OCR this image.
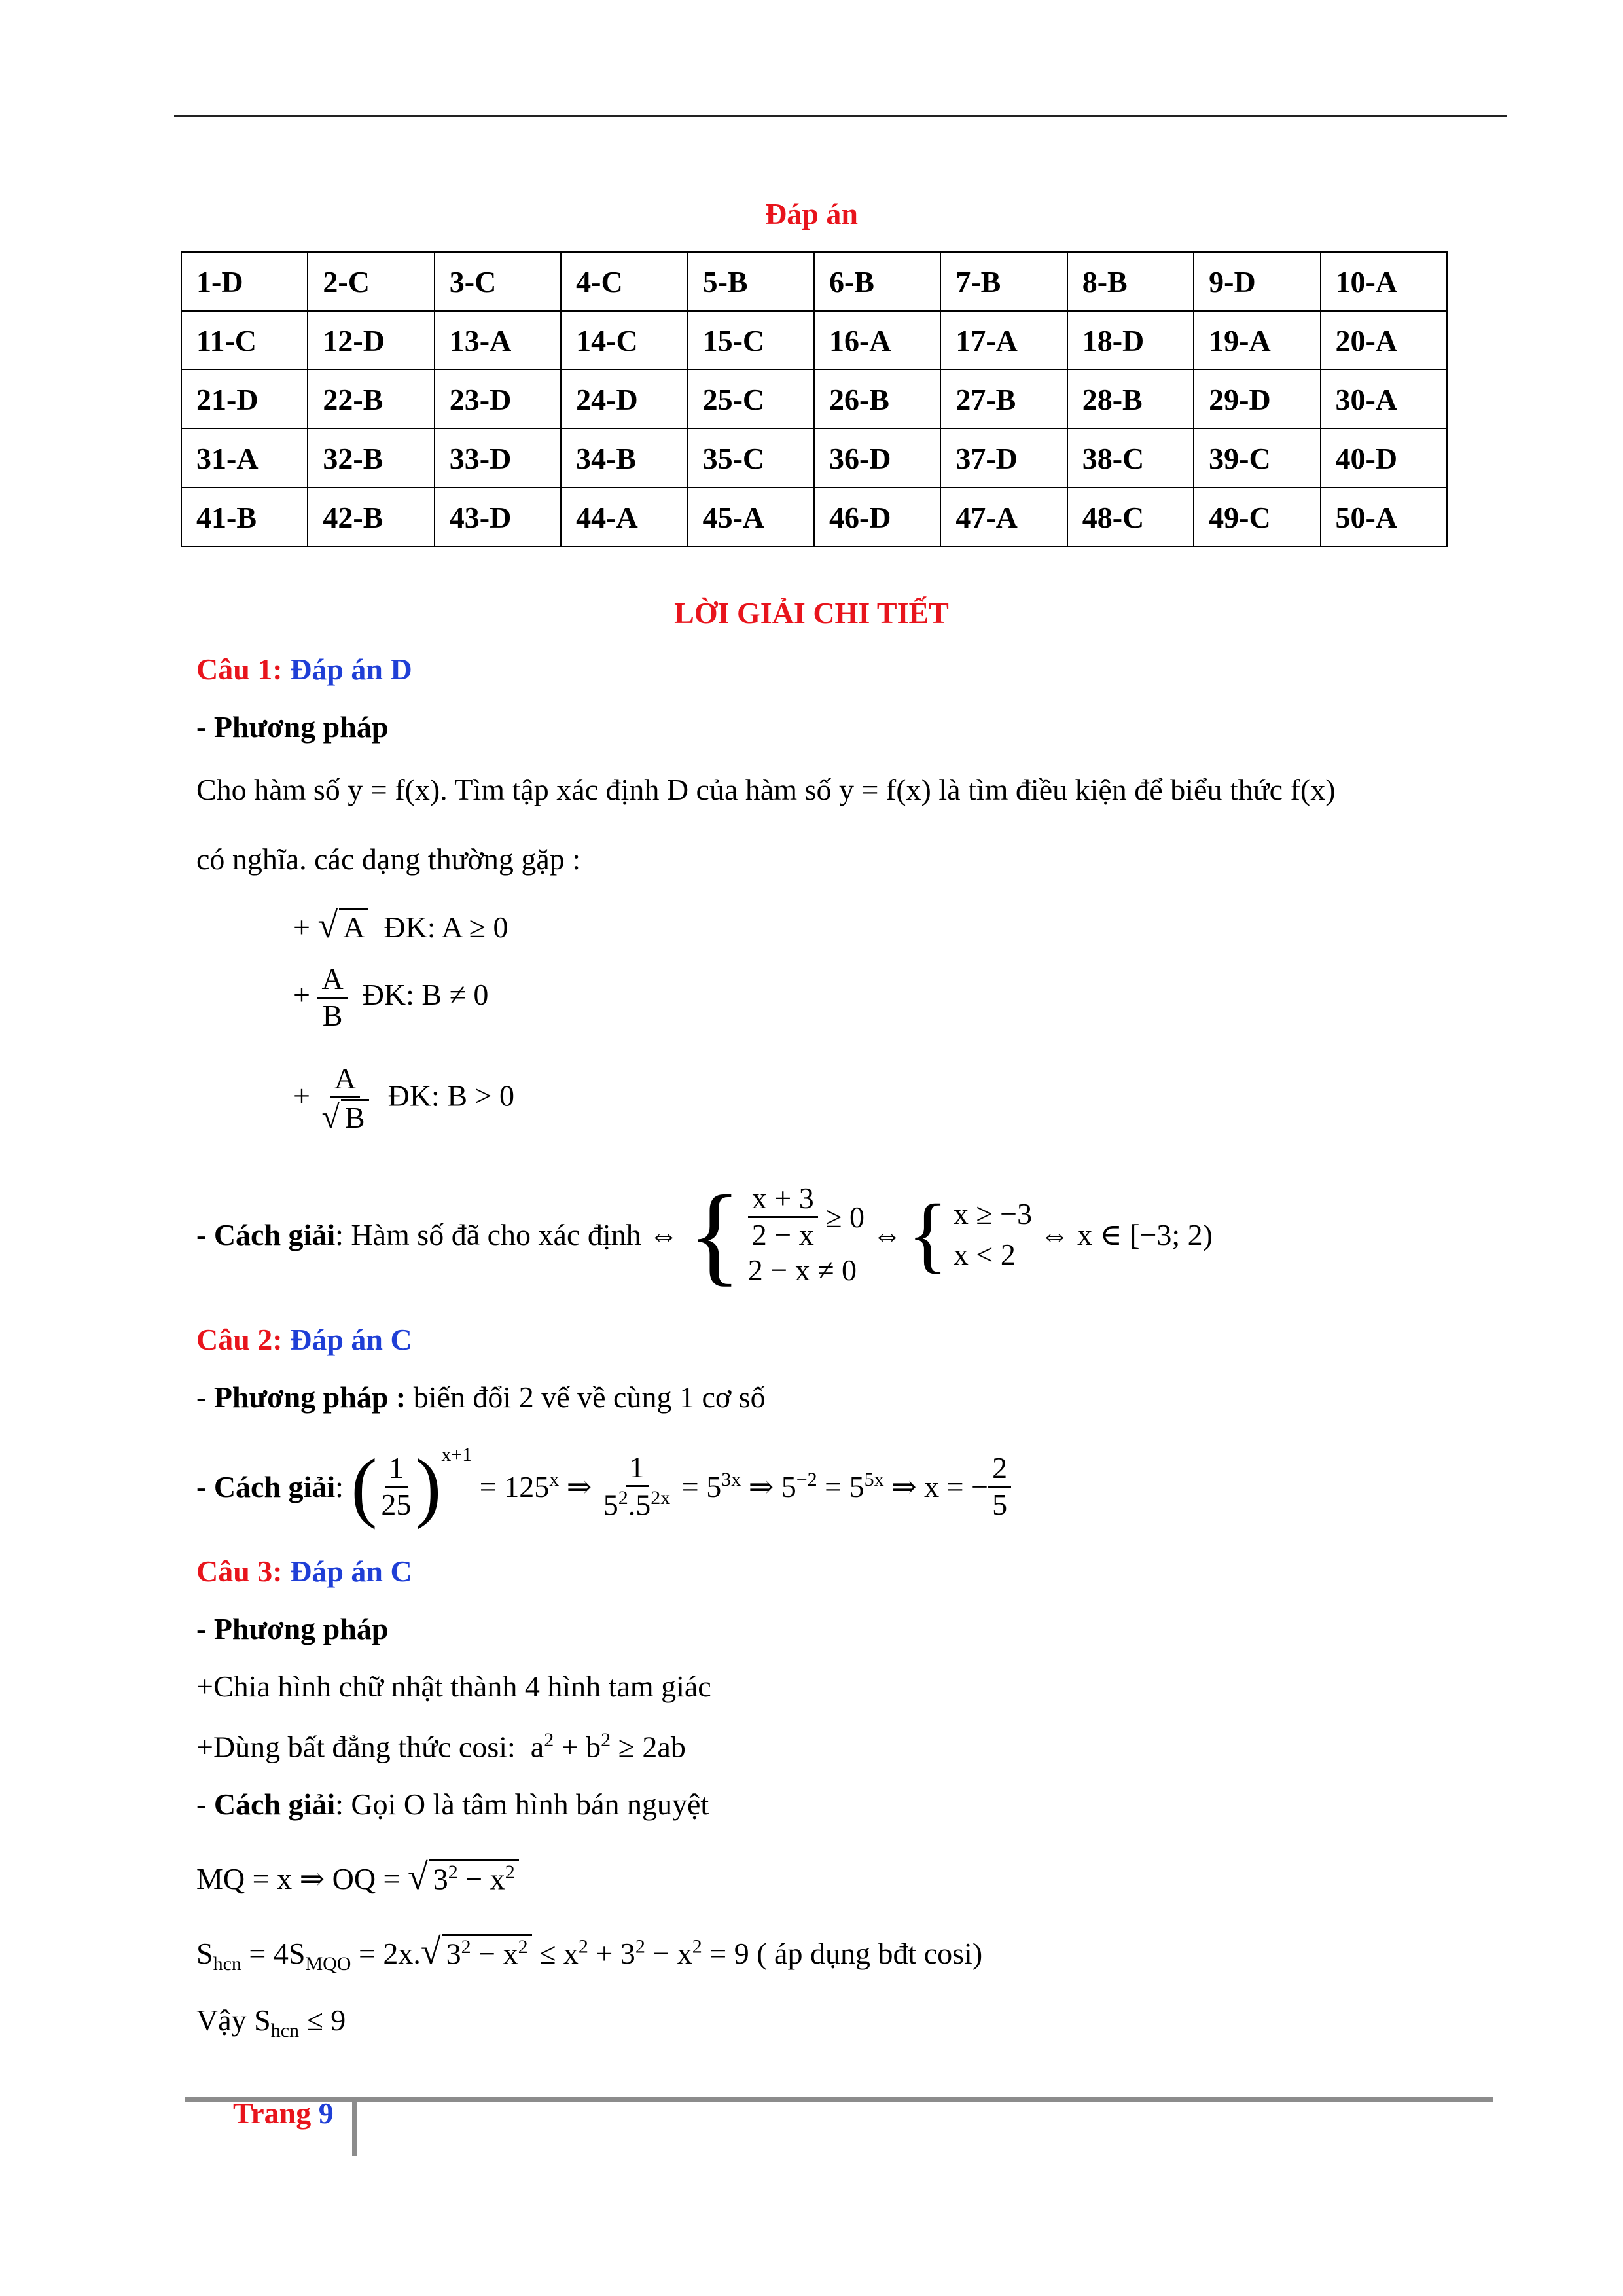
Đáp án
1-D	2-C	3-C	4-C	5-B	6-B	7-B	8-B	9-D	10-A
11-C	12-D	13-A	14-C	15-C	16-A	17-A	18-D	19-A	20-A
21-D	22-B	23-D	24-D	25-C	26-B	27-B	28-B	29-D	30-A
31-A	32-B	33-D	34-B	35-C	36-D	37-D	38-C	39-C	40-D
41-B	42-B	43-D	44-A	45-A	46-D	47-A	48-C	49-C	50-A
LỜI GIẢI CHI TIẾT
Câu 1: Đáp án D
- Phương pháp
Cho hàm số y = f(x). Tìm tập xác định D của hàm số y = f(x) là tìm điều kiện để biểu thức f(x)
có nghĩa. các dạng thường gặp :
+ √ A ĐK: A ≥ 0
+ $\frac{A}{B}$ ĐK: B ≠ 0
+ $\frac{A}{√ B}$ ĐK: B > 0
- Cách giải : Hàm số đã cho xác định ⇔ { $\frac{x + 3}{2 - x}$
≥ 0
2 − x ≠ 0

⇔ { x ≥ −3
x < 2

⇔ x ∈ [−3; 2)
Câu 2: Đáp án C
- Phương pháp : biến đổi 2 vế về cùng 1 cơ số
- Cách giải :
( $\frac{1}{25}$ ) x+1

= $125^x$
⇒
$\frac{1}{5^2.5^{2x}}$
= $5^{3x}$
⇒ $5^{-2}$
= $5^{5x}$
⇒ x = − $\frac{2}{5}$
Câu 3: Đáp án C
- Phương pháp
+Chia hình chữ nhật thành 4 hình tam giác
+Dùng bất đẳng thức cosi: $a^2 + b^2 \ge 2ab$
- Cách giải: Gọi O là tâm hình bán nguyệt
MQ = x ⇒ OQ = √ $3^2 - x^2$
$S_{hcn} = 4S_{MQO} = 2x.√$ $3^2 - x^2 \le x^2 + 3^2 - x^2 = 9$ ( áp dụng bđt cosi)
Vậy $S_{hcn} \le 9$
Trang 9
